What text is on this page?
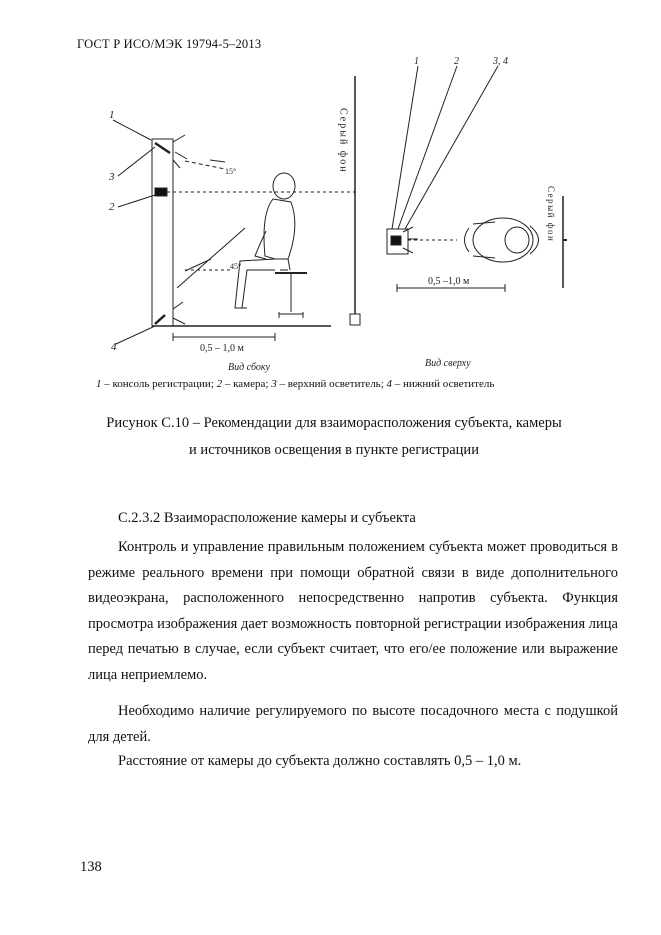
ГОСТ Р ИСО/МЭК 19794-5–2013
1
3
2
4
15°
45°
0,5 – 1,0 м
Серый фон
Вид сбоку
1	2	3, 4
0,5 –1,0 м
Серый фон
Вид сверху
1 – консоль регистрации; 2 – камера; 3 – верхний осветитель; 4 – нижний осветитель
Рисунок С.10 – Рекомендации для взаиморасположения субъекта, камеры
и источников освещения в пункте регистрации
С.2.3.2 Взаиморасположение камеры и субъекта
Контроль и управление правильным положением субъекта может проводиться в режиме реального времени при помощи обратной связи в виде дополнительного видеоэкрана, расположенного непосредственно напротив субъекта. Функция просмотра изображения дает возможность повторной регистрации изображения лица перед печатью в случае, если субъект считает, что его/ее положение или выражение лица неприемлемо.
Необходимо наличие регулируемого по высоте посадочного места с подушкой для детей.
Расстояние от камеры до субъекта должно составлять 0,5 – 1,0 м.
138
